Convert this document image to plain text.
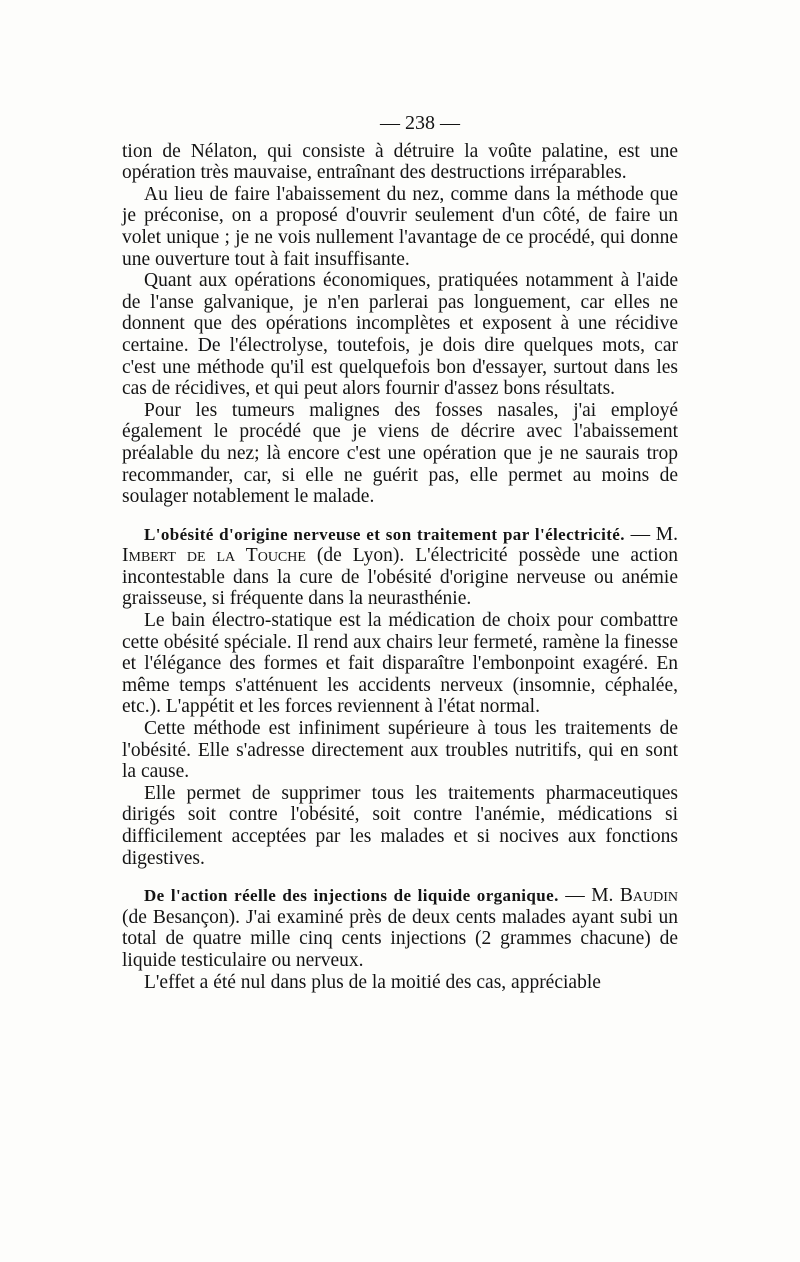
— 238 —

tion de Nélaton, qui consiste à détruire la voûte palatine, est une opération très mauvaise, entraînant des destructions irréparables.

Au lieu de faire l'abaissement du nez, comme dans la méthode que je préconise, on a proposé d'ouvrir seulement d'un côté, de faire un volet unique ; je ne vois nullement l'avantage de ce procédé, qui donne une ouverture tout à fait insuffisante.

Quant aux opérations économiques, pratiquées notamment à l'aide de l'anse galvanique, je n'en parlerai pas longuement, car elles ne donnent que des opérations incomplètes et exposent à une récidive certaine. De l'électrolyse, toutefois, je dois dire quelques mots, car c'est une méthode qu'il est quelquefois bon d'essayer, surtout dans les cas de récidives, et qui peut alors fournir d'assez bons résultats.

Pour les tumeurs malignes des fosses nasales, j'ai employé également le procédé que je viens de décrire avec l'abaissement préalable du nez; là encore c'est une opération que je ne saurais trop recommander, car, si elle ne guérit pas, elle permet au moins de soulager notablement le malade.

L'obésité d'origine nerveuse et son traitement par l'électricité. — M. Imbert de la Touche (de Lyon). L'électricité possède une action incontestable dans la cure de l'obésité d'origine nerveuse ou anémie graisseuse, si fréquente dans la neurasthénie.

Le bain électro-statique est la médication de choix pour combattre cette obésité spéciale. Il rend aux chairs leur fermeté, ramène la finesse et l'élégance des formes et fait disparaître l'embonpoint exagéré. En même temps s'atténuent les accidents nerveux (insomnie, céphalée, etc.). L'appétit et les forces reviennent à l'état normal.

Cette méthode est infiniment supérieure à tous les traitements de l'obésité. Elle s'adresse directement aux troubles nutritifs, qui en sont la cause.

Elle permet de supprimer tous les traitements pharmaceutiques dirigés soit contre l'obésité, soit contre l'anémie, médications si difficilement acceptées par les malades et si nocives aux fonctions digestives.

De l'action réelle des injections de liquide organique. — M. Baudin (de Besançon). J'ai examiné près de deux cents malades ayant subi un total de quatre mille cinq cents injections (2 grammes chacune) de liquide testiculaire ou nerveux.

L'effet a été nul dans plus de la moitié des cas, appréciable
